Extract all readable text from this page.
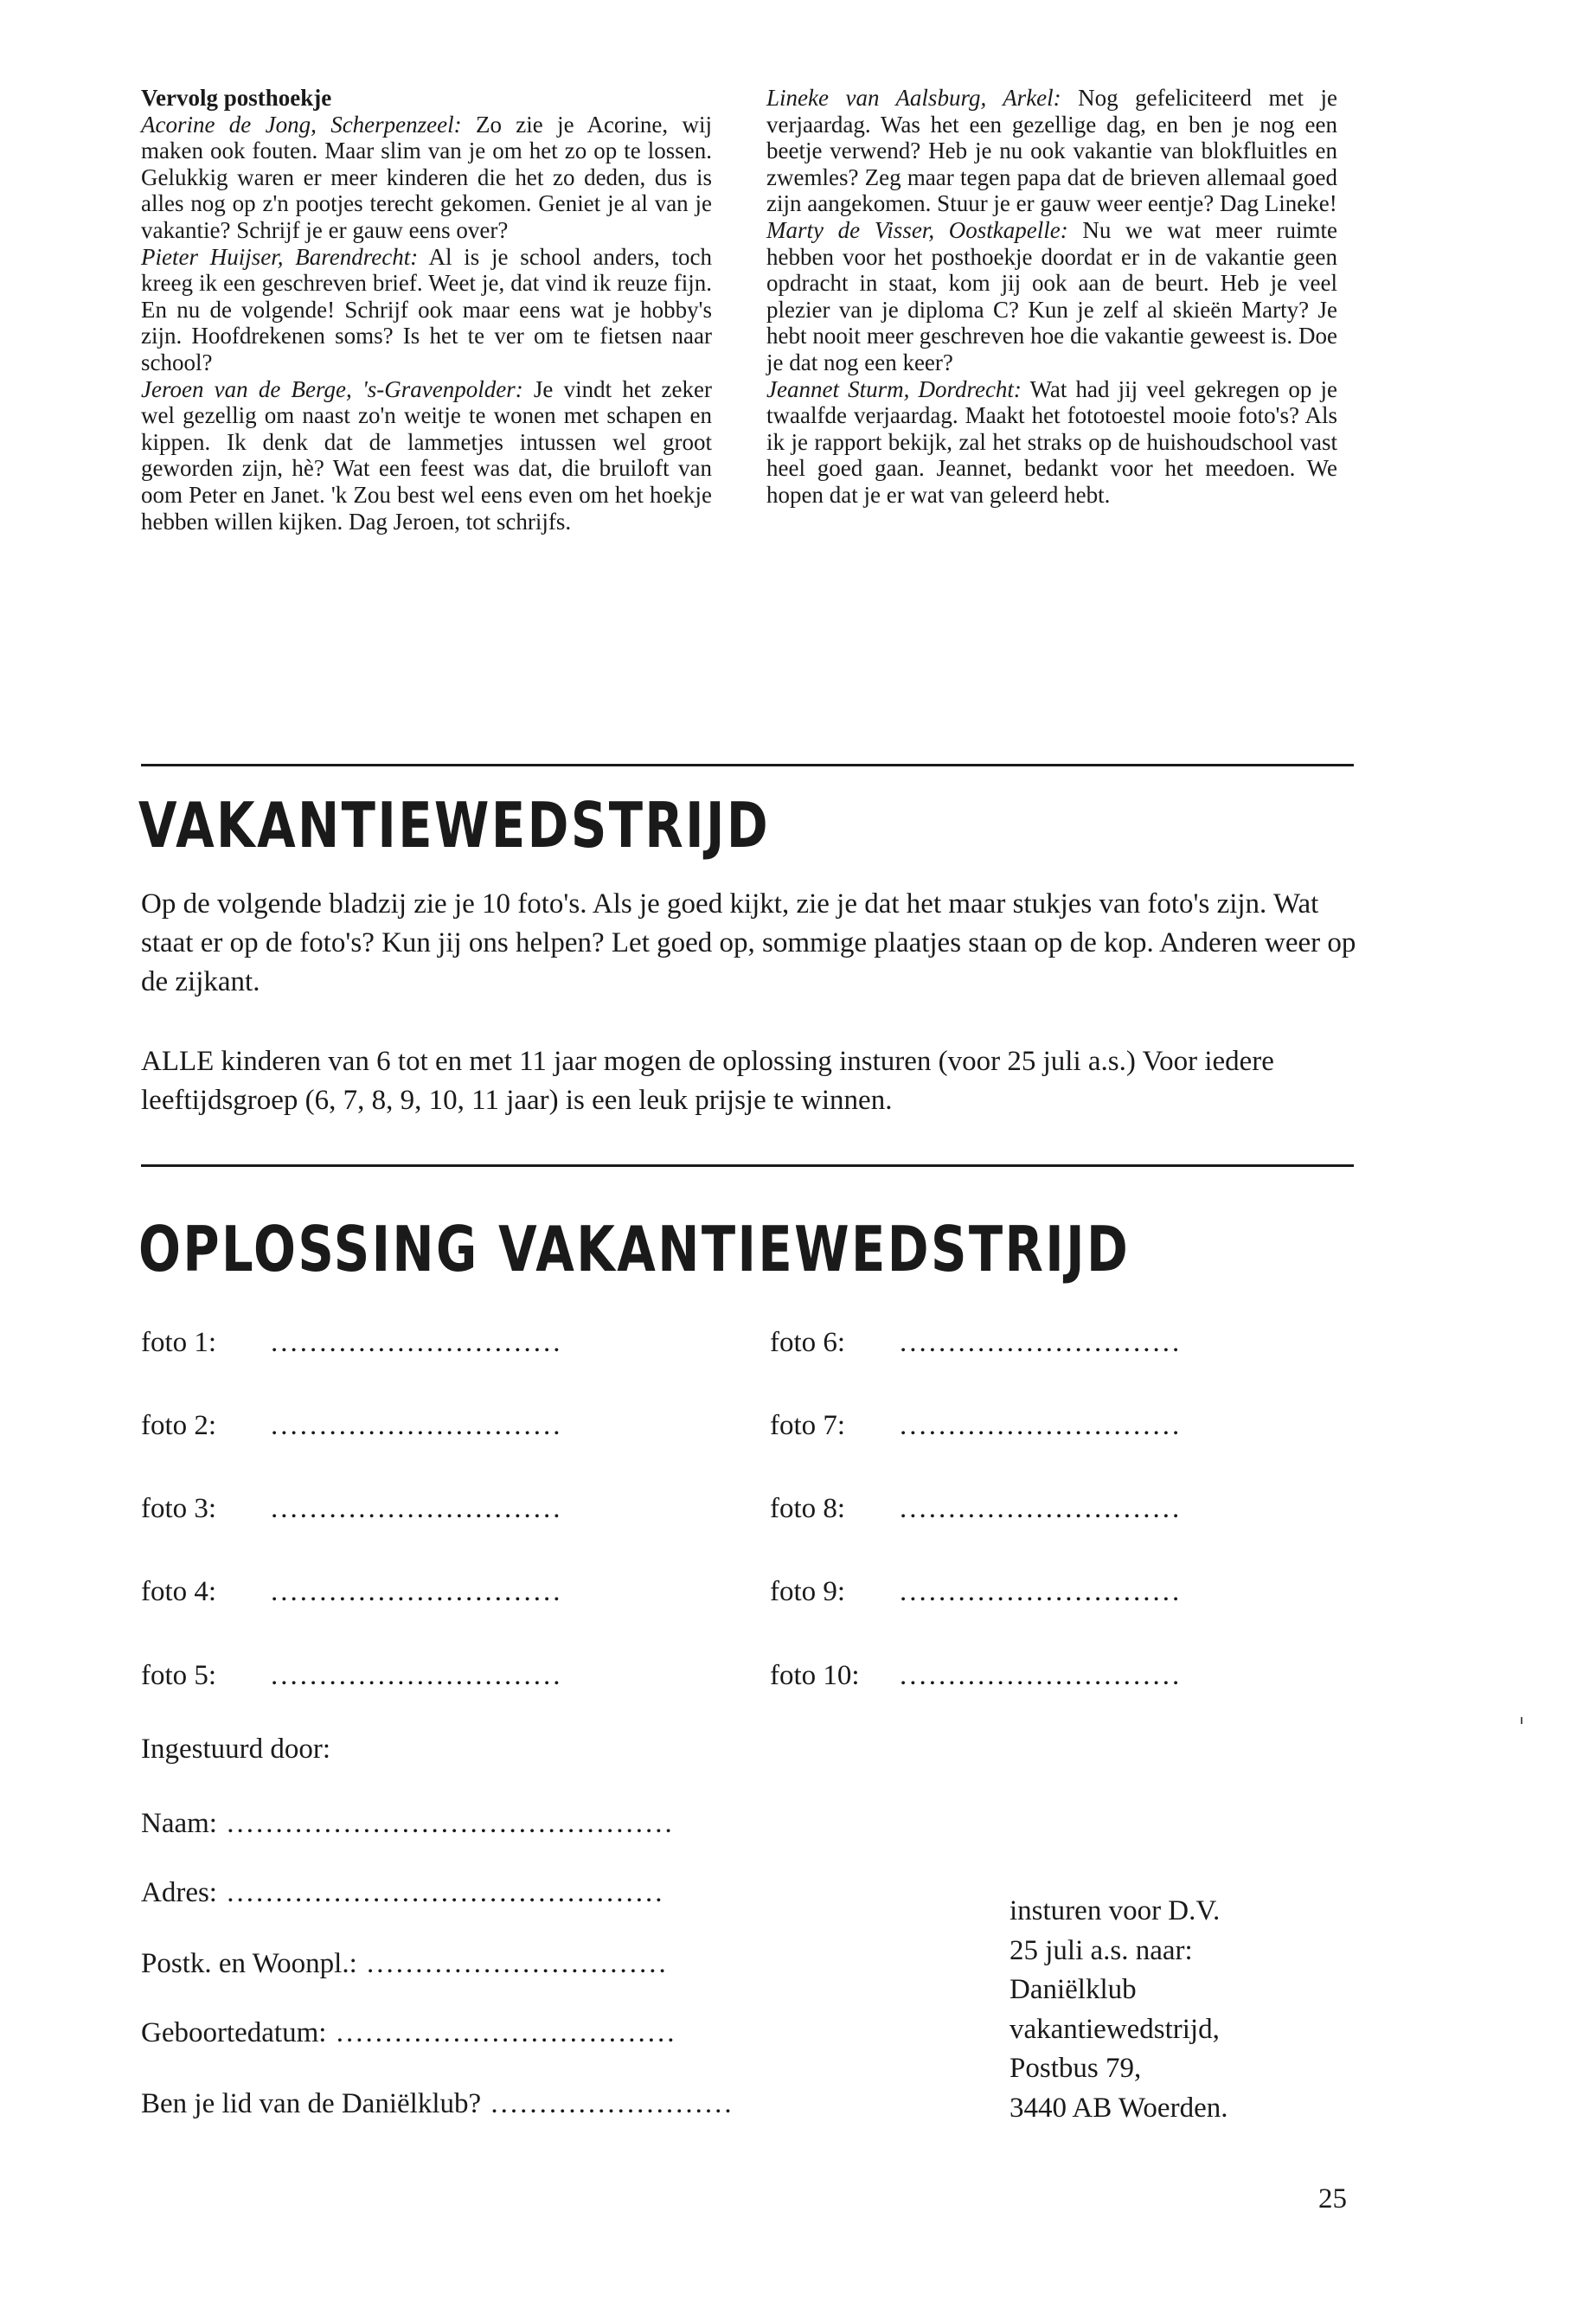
Vervolg posthoekje

Acorine de Jong, Scherpenzeel: Zo zie je Acorine, wij maken ook fouten. Maar slim van je om het zo op te lossen. Gelukkig waren er meer kinderen die het zo deden, dus is alles nog op z'n pootjes terecht gekomen. Geniet je al van je vakantie? Schrijf je er gauw eens over?

Pieter Huijser, Barendrecht: Al is je school anders, toch kreeg ik een geschreven brief. Weet je, dat vind ik reuze fijn. En nu de volgende! Schrijf ook maar eens wat je hobby's zijn. Hoofdrekenen soms? Is het te ver om te fietsen naar school?

Jeroen van de Berge, 's-Gravenpolder: Je vindt het zeker wel gezellig om naast zo'n weitje te wonen met schapen en kippen. Ik denk dat de lammetjes intussen wel groot geworden zijn, hè? Wat een feest was dat, die bruiloft van oom Peter en Janet. 'k Zou best wel eens even om het hoekje hebben willen kijken. Dag Jeroen, tot schrijfs.

Lineke van Aalsburg, Arkel: Nog gefeliciteerd met je verjaardag. Was het een gezellige dag, en ben je nog een beetje verwend? Heb je nu ook vakantie van blokfluitles en zwemles? Zeg maar tegen papa dat de brieven allemaal goed zijn aangekomen. Stuur je er gauw weer eentje? Dag Lineke!

Marty de Visser, Oostkapelle: Nu we wat meer ruimte hebben voor het posthoekje doordat er in de vakantie geen opdracht in staat, kom jij ook aan de beurt. Heb je veel plezier van je diploma C? Kun je zelf al skieën Marty? Je hebt nooit meer geschreven hoe die vakantie geweest is. Doe je dat nog een keer?

Jeannet Sturm, Dordrecht: Wat had jij veel gekregen op je twaalfde verjaardag. Maakt het fototoestel mooie foto's? Als ik je rapport bekijk, zal het straks op de huishoudschool vast heel goed gaan. Jeannet, bedankt voor het meedoen. We hopen dat je er wat van geleerd hebt.

VAKANTIEWEDSTRIJD

Op de volgende bladzij zie je 10 foto's. Als je goed kijkt, zie je dat het maar stukjes van foto's zijn. Wat staat er op de foto's? Kun jij ons helpen? Let goed op, sommige plaatjes staan op de kop. Anderen weer op de zijkant.

ALLE kinderen van 6 tot en met 11 jaar mogen de oplossing insturen (voor 25 juli a.s.) Voor iedere leeftijdsgroep (6, 7, 8, 9, 10, 11 jaar) is een leuk prijsje te winnen.

OPLOSSING VAKANTIEWEDSTRIJD
foto 1: ..............................
foto 2: ..............................
foto 3: ..............................
foto 4: ..............................
foto 5: ..............................
foto 6: .............................
foto 7: .............................
foto 8: .............................
foto 9: .............................
foto 10: .............................
Ingestuurd door:
Naam: ..............................................
Adres: .............................................
Postk. en Woonpl.: ...............................
Geboortedatum: ...................................
Ben je lid van de Daniëlklub? .........................

insturen voor D.V.

25 juli a.s. naar:

Daniëlklub

vakantiewedstrijd,

Postbus 79,

3440 AB Woerden.

25
